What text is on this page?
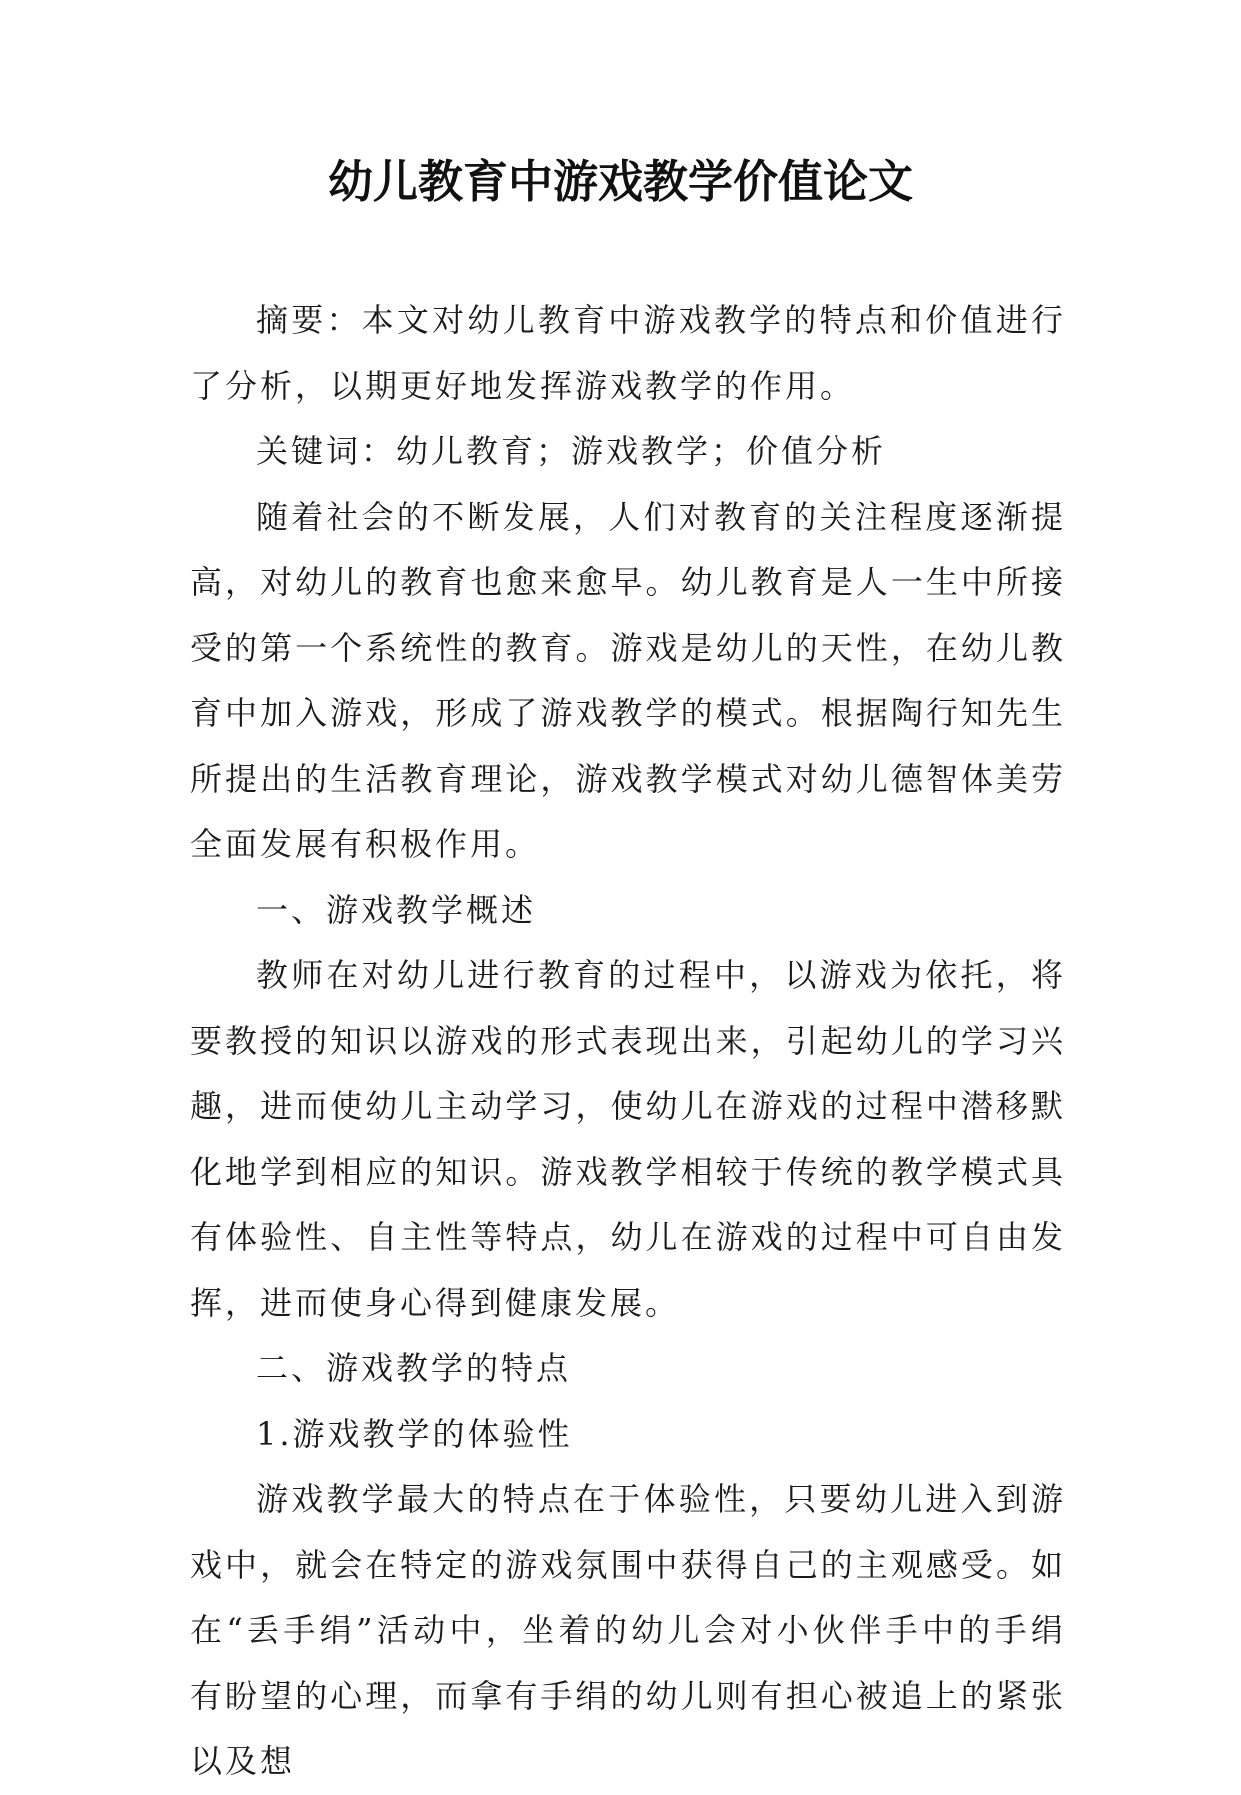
幼儿教育中游戏教学价值论文

摘要：本文对幼儿教育中游戏教学的特点和价值进行了分析，以期更好地发挥游戏教学的作用。

关键词：幼儿教育；游戏教学；价值分析

随着社会的不断发展，人们对教育的关注程度逐渐提高，对幼儿的教育也愈来愈早。幼儿教育是人一生中所接受的第一个系统性的教育。游戏是幼儿的天性，在幼儿教育中加入游戏，形成了游戏教学的模式。根据陶行知先生所提出的生活教育理论，游戏教学模式对幼儿德智体美劳全面发展有积极作用。

一、游戏教学概述

教师在对幼儿进行教育的过程中，以游戏为依托，将要教授的知识以游戏的形式表现出来，引起幼儿的学习兴趣，进而使幼儿主动学习，使幼儿在游戏的过程中潜移默化地学到相应的知识。游戏教学相较于传统的教学模式具有体验性、自主性等特点，幼儿在游戏的过程中可自由发挥，进而使身心得到健康发展。

二、游戏教学的特点

1.游戏教学的体验性

游戏教学最大的特点在于体验性，只要幼儿进入到游戏中，就会在特定的游戏氛围中获得自己的主观感受。如在“丢手绢”活动中，坐着的幼儿会对小伙伴手中的手绢有盼望的心理，而拿有手绢的幼儿则有担心被追上的紧张以及想
